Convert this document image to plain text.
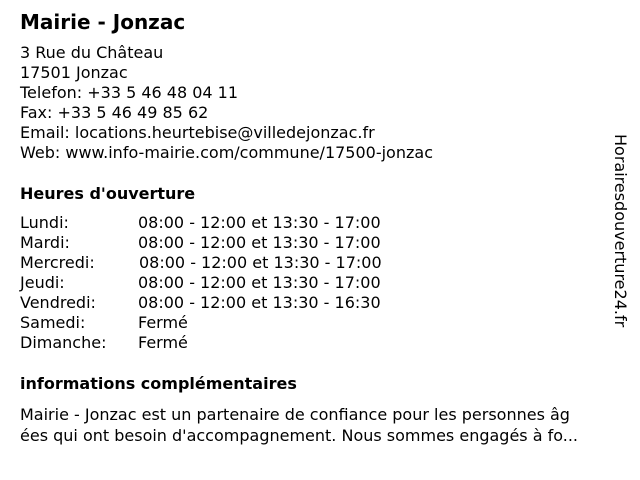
Mairie - Jonzac
3 Rue du Château
17501 Jonzac
Telefon: +33 5 46 48 04 11
Fax: +33 5 46 49 85 62
Email: locations.heurtebise@villedejonzac.fr
Web: www.info-mairie.com/commune/17500-jonzac
Heures d'ouverture
Lundi:	08:00 - 12:00 et 13:30 - 17:00
Mardi:	08:00 - 12:00 et 13:30 - 17:00
Mercredi:	08:00 - 12:00 et 13:30 - 17:00
Jeudi:	08:00 - 12:00 et 13:30 - 17:00
Vendredi:	08:00 - 12:00 et 13:30 - 16:30
Samedi:	Fermé
Dimanche: Fermé
informations complémentaires
Mairie - Jonzac est un partenaire de confiance pour les personnes âg
ées qui ont besoin d'accompagnement. Nous sommes engagés à fo...
Horairesdouverture24.fr
